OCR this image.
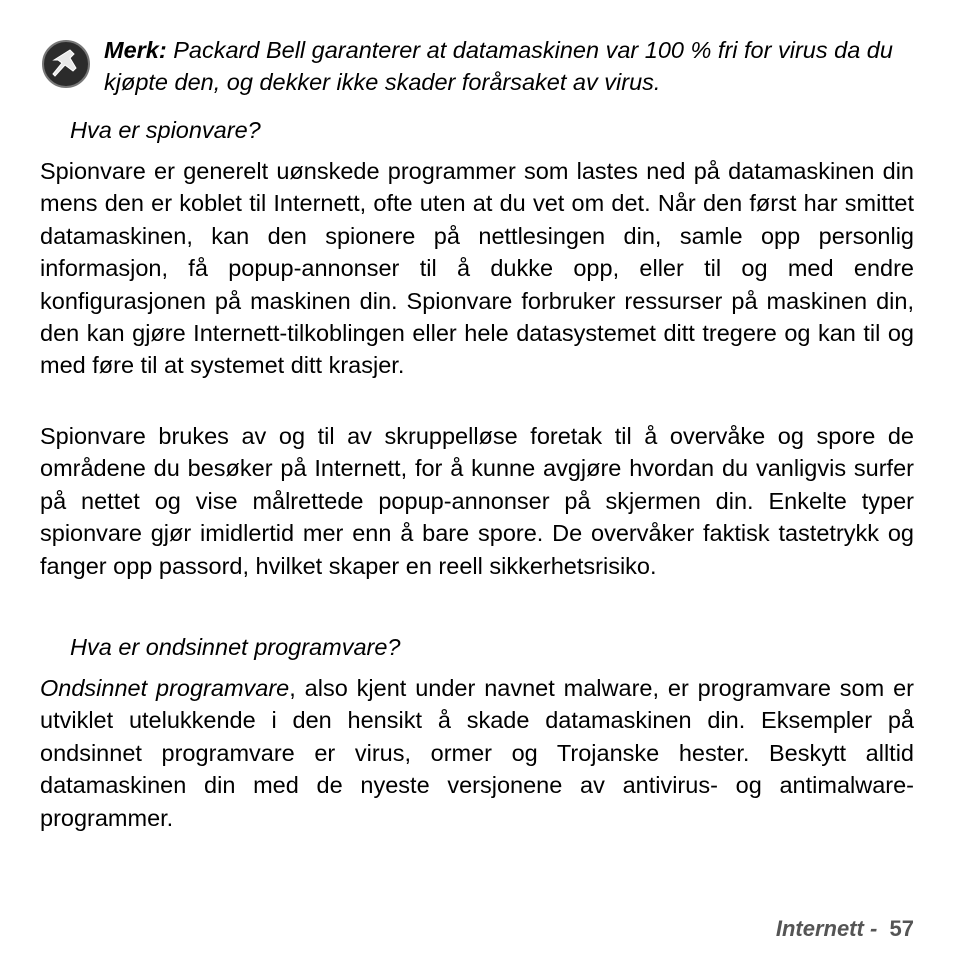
Merk: Packard Bell garanterer at datamaskinen var 100 % fri for virus da du kjøpte den, og dekker ikke skader forårsaket av virus.
Hva er spionvare?
Spionvare er generelt uønskede programmer som lastes ned på datamaskinen din mens den er koblet til Internett, ofte uten at du vet om det. Når den først har smittet datamaskinen, kan den spionere på nettlesingen din, samle opp personlig informasjon, få popup-annonser til å dukke opp, eller til og med endre konfigurasjonen på maskinen din. Spionvare forbruker ressurser på maskinen din, den kan gjøre Internett-tilkoblingen eller hele datasystemet ditt tregere og kan til og med føre til at systemet ditt krasjer.
Spionvare brukes av og til av skruppelløse foretak til å overvåke og spore de områdene du besøker på Internett, for å kunne avgjøre hvordan du vanligvis surfer på nettet og vise målrettede popup-annonser på skjermen din. Enkelte typer spionvare gjør imidlertid mer enn å bare spore. De overvåker faktisk tastetrykk og fanger opp passord, hvilket skaper en reell sikkerhetsrisiko.
Hva er ondsinnet programvare?
Ondsinnet programvare, also kjent under navnet malware, er programvare som er utviklet utelukkende i den hensikt å skade datamaskinen din. Eksempler på ondsinnet programvare er virus, ormer og Trojanske hester. Beskytt alltid datamaskinen din med de nyeste versjonene av antivirus- og antimalware-programmer.
Internett - 57
